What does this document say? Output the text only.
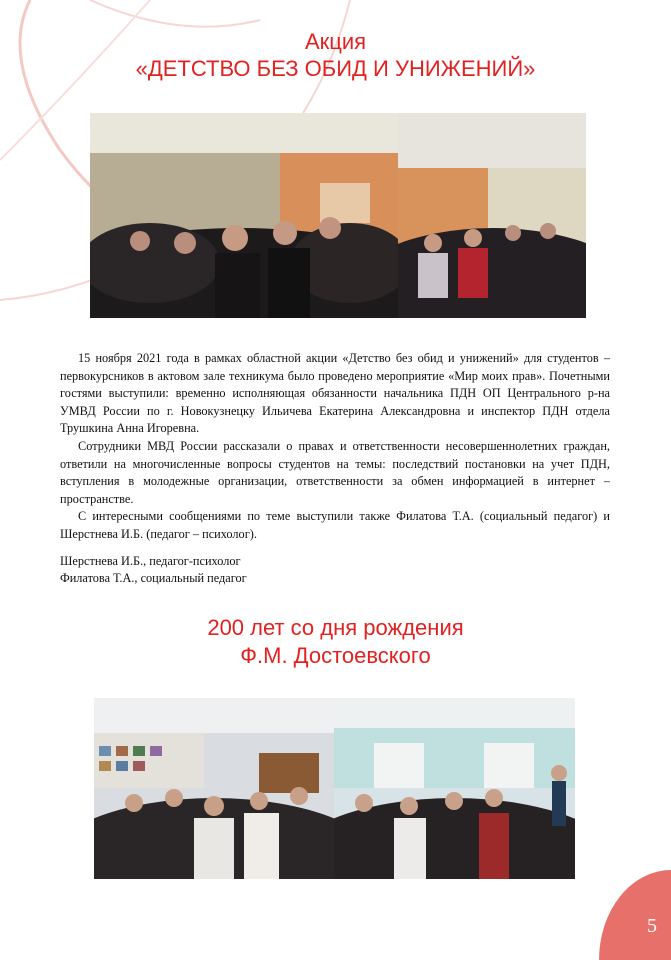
Акция
«ДЕТСТВО БЕЗ ОБИД И УНИЖЕНИЙ»

15 ноября 2021 года в рамках областной акции «Детство без обид и унижений» для студентов – первокурсников в актовом зале техникума было проведено мероприятие «Мир моих прав». Почетными гостями выступили: временно исполняющая обязанности начальника ПДН ОП Центрального р-на УМВД России по г. Новокузнецку Ильичева Екатерина Александровна и инспектор ПДН отдела Трушкина Анна Игоревна.

Сотрудники МВД России рассказали о правах и ответственности несовершеннолетних граждан, ответили на многочисленные вопросы студентов на темы: последствий постановки на учет ПДН, вступления в молодежные организации, ответственности за обмен информацией в интернет – пространстве.

С интересными сообщениями по теме выступили также Филатова Т.А. (социальный педагог) и Шерстнева И.Б. (педагог – психолог).

Шерстнева И.Б., педагог-психолог
Филатова Т.А., социальный педагог
200 лет со дня рождения
Ф.М. Достоевского
5
